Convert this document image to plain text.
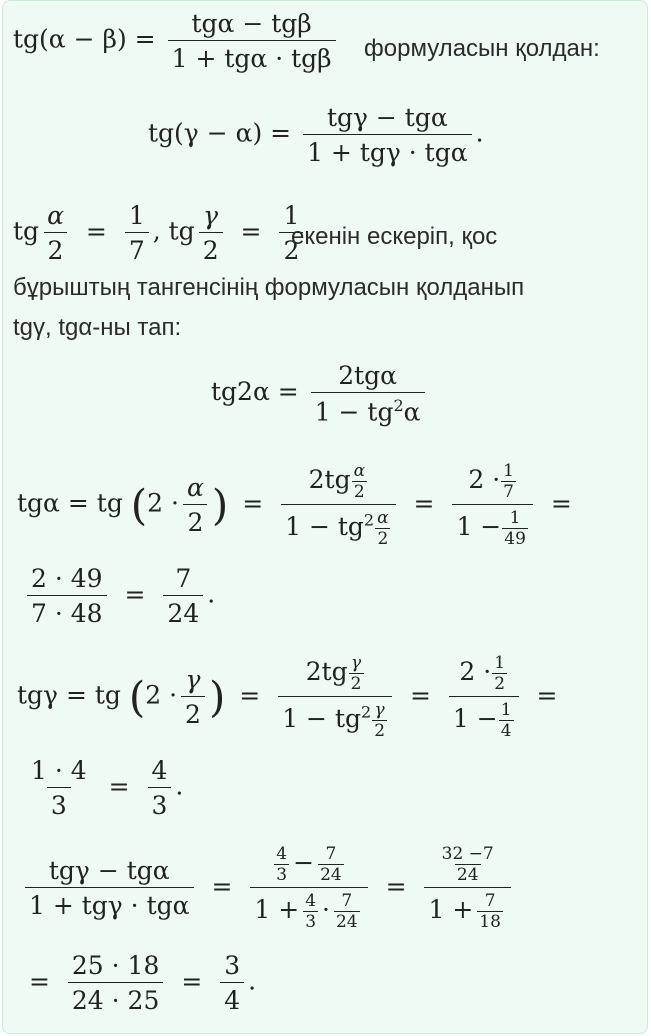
$tg(\alpha - \beta) = \frac{\text{tgα − tgβ}}{\text{1 + tgα · tgβ}}$ формуласын қолдан:
$tg(\gamma - \alpha) = \frac{\text{tgγ − tgα}}{\text{1 + tgγ · tgα}}$ .
tg $\frac{\alpha}{2} = \frac{1}{7}$ , tg $\frac{\gamma}{2} = \frac{1}{2}$
екенін ескеріп, қос
бұрыштың тангенсінің формуласын қолданып
tgγ, tgα-ны тап:
$tg2\alpha = \frac{\text{2tgα}}{1 - tg^2\alpha}$
tgα = tg ($2 \cdot \frac{\alpha}{2}$ ) = $\frac{2tg \frac{\alpha}{2}}{1 - tg^2 \frac{\alpha}{2}} = \frac{2 \cdot \frac{1}{7}}{1 - \frac{1}{49}}$ =
$\frac{2 \cdot 49}{7 \cdot 48} = \frac{7}{24}$ .
tgγ = tg ($2 \cdot \frac{\gamma}{2}$ ) = $\frac{2tg \frac{\gamma}{2}}{1 - tg^2 \frac{\gamma}{2}} = \frac{2 \cdot \frac{1}{2}}{1 - \frac{1}{4}}$ =
$\frac{1 \cdot 4}{3} = \frac{4}{3}$ .
$\frac{\text{tgγ − tgα}}{\text{1 + tgγ · tgα}} = \frac{\frac{4}{3} - \frac{7}{24}}{1 + \frac{4}{3} \cdot \frac{7}{24}} = \frac{\frac{32 -7}{24}}{1 + \frac{7}{18}}$
= $\frac{25 \cdot 18}{24 \cdot 25} = \frac{3}{4}$ .
